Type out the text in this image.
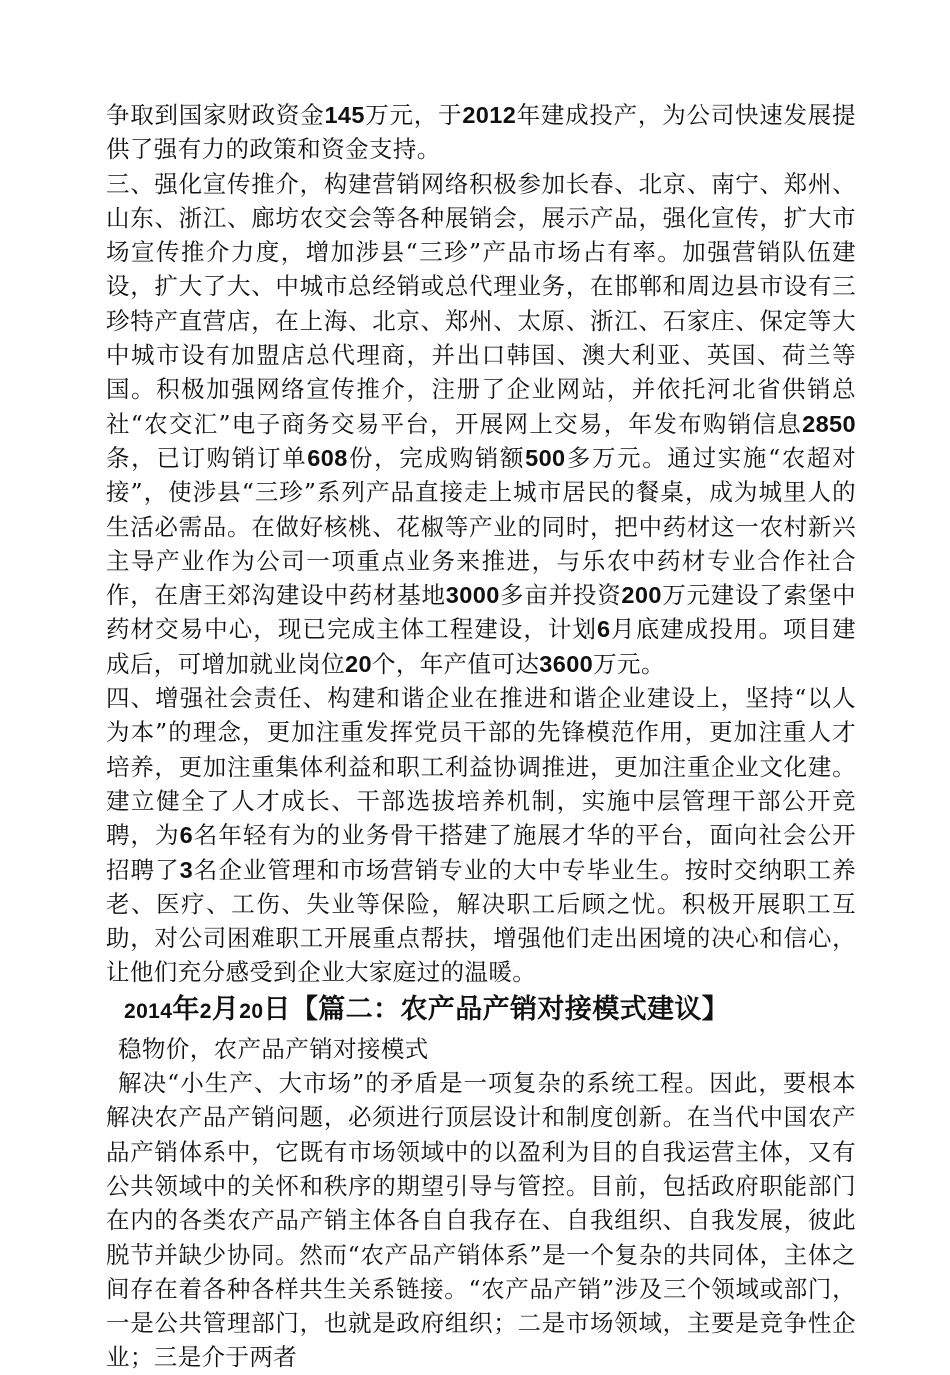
争取到国家财政资金145万元，于2012年建成投产，为公司快速发展提供了强有力的政策和资金支持。

三、强化宣传推介，构建营销网络积极参加长春、北京、南宁、郑州、山东、浙江、廊坊农交会等各种展销会，展示产品，强化宣传，扩大市场宣传推介力度，增加涉县“三珍”产品市场占有率。加强营销队伍建设，扩大了大、中城市总经销或总代理业务，在邯郸和周边县市设有三珍特产直营店，在上海、北京、郑州、太原、浙江、石家庄、保定等大中城市设有加盟店总代理商，并出口韩国、澳大利亚、英国、荷兰等国。积极加强网络宣传推介，注册了企业网站，并依托河北省供销总社“农交汇”电子商务交易平台，开展网上交易，年发布购销信息2850条，已订购销订单608份，完成购销额500多万元。通过实施“农超对接”，使涉县“三珍”系列产品直接走上城市居民的餐桌，成为城里人的生活必需品。在做好核桃、花椒等产业的同时，把中药材这一农村新兴主导产业作为公司一项重点业务来推进，与乐农中药材专业合作社合作，在唐王郊沟建设中药材基地3000多亩并投资200万元建设了索堡中药材交易中心，现已完成主体工程建设，计划6月底建成投用。项目建成后，可增加就业岗位20个，年产值可达3600万元。

四、增强社会责任、构建和谐企业在推进和谐企业建设上，坚持“以人为本”的理念，更加注重发挥党员干部的先锋模范作用，更加注重人才培养，更加注重集体利益和职工利益协调推进，更加注重企业文化建。建立健全了人才成长、干部选拔培养机制，实施中层管理干部公开竞聘，为6名年轻有为的业务骨干搭建了施展才华的平台，面向社会公开招聘了3名企业管理和市场营销专业的大中专毕业生。按时交纳职工养老、医疗、工伤、失业等保险，解决职工后顾之忧。积极开展职工互助，对公司困难职工开展重点帮扶，增强他们走出困境的决心和信心，让他们充分感受到企业大家庭过的温暖。

2014年2月20日【篇二：农产品产销对接模式建议】

稳物价，农产品产销对接模式

解决“小生产、大市场”的矛盾是一项复杂的系统工程。因此，要根本解决农产品产销问题，必须进行顶层设计和制度创新。在当代中国农产品产销体系中，它既有市场领域中的以盈利为目的自我运营主体，又有公共领域中的关怀和秩序的期望引导与管控。目前，包括政府职能部门在内的各类农产品产销主体各自自我存在、自我组织、自我发展，彼此脱节并缺少协同。然而“农产品产销体系”是一个复杂的共同体，主体之间存在着各种各样共生关系链接。“农产品产销”涉及三个领域或部门，一是公共管理部门，也就是政府组织；二是市场领域，主要是竞争性企业；三是介于两者
